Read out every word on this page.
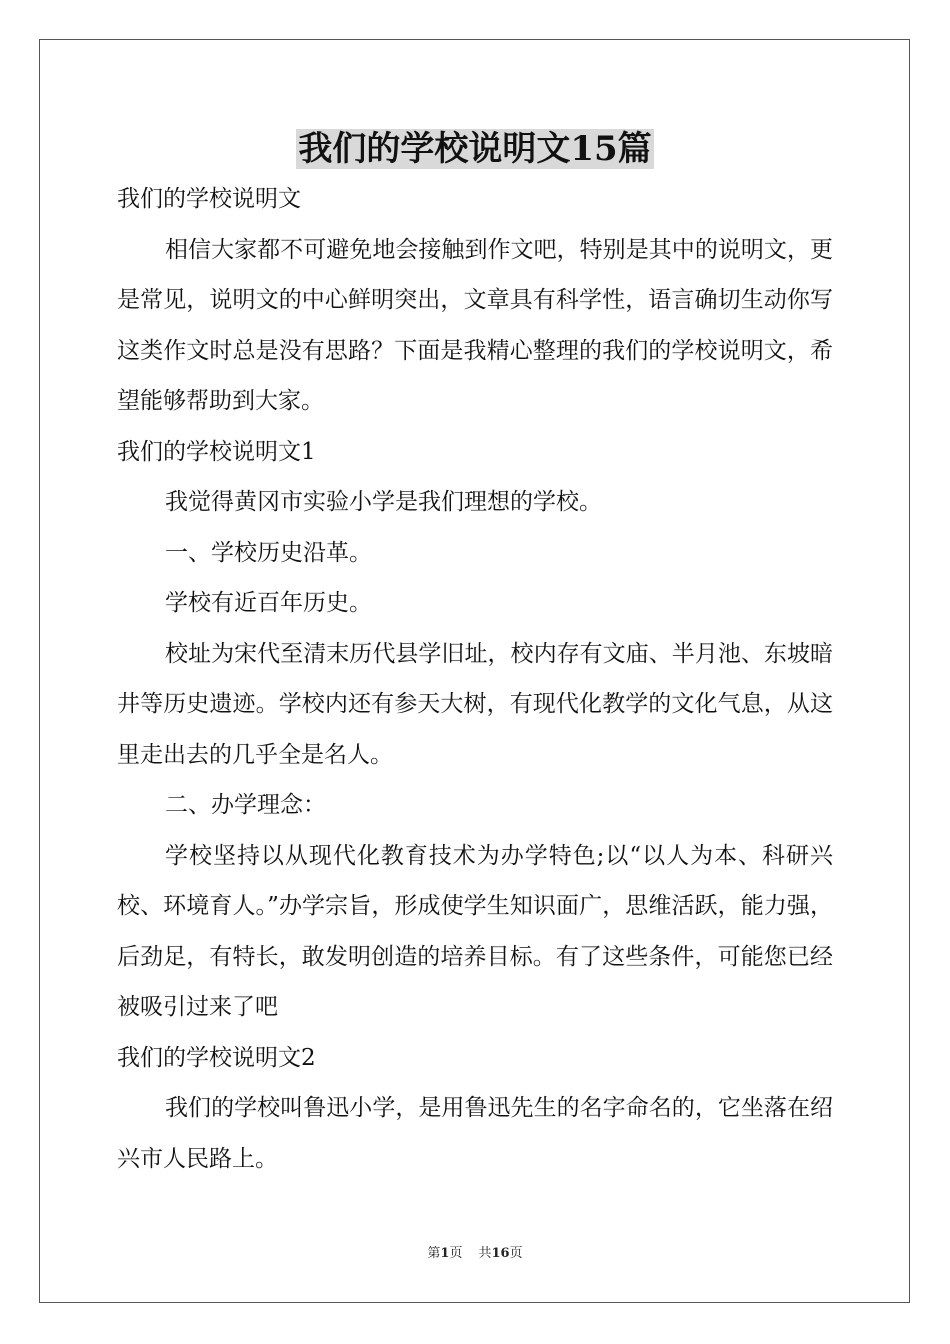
我们的学校说明文15篇

我们的学校说明文

相信大家都不可避免地会接触到作文吧，特别是其中的说明文，更是常见，说明文的中心鲜明突出，文章具有科学性，语言确切生动你写这类作文时总是没有思路？下面是我精心整理的我们的学校说明文，希望能够帮助到大家。

我们的学校说明文1

我觉得黄冈市实验小学是我们理想的学校。

一、学校历史沿革。

学校有近百年历史。

校址为宋代至清末历代县学旧址，校内存有文庙、半月池、东坡暗井等历史遗迹。学校内还有参天大树，有现代化教学的文化气息，从这里走出去的几乎全是名人。

二、办学理念：

学校坚持以从现代化教育技术为办学特色;以“以人为本、科研兴校、环境育人。”办学宗旨，形成使学生知识面广，思维活跃，能力强，后劲足，有特长，敢发明创造的培养目标。有了这些条件，可能您已经被吸引过来了吧

我们的学校说明文2

我们的学校叫鲁迅小学，是用鲁迅先生的名字命名的，它坐落在绍兴市人民路上。

第1页 共16页
